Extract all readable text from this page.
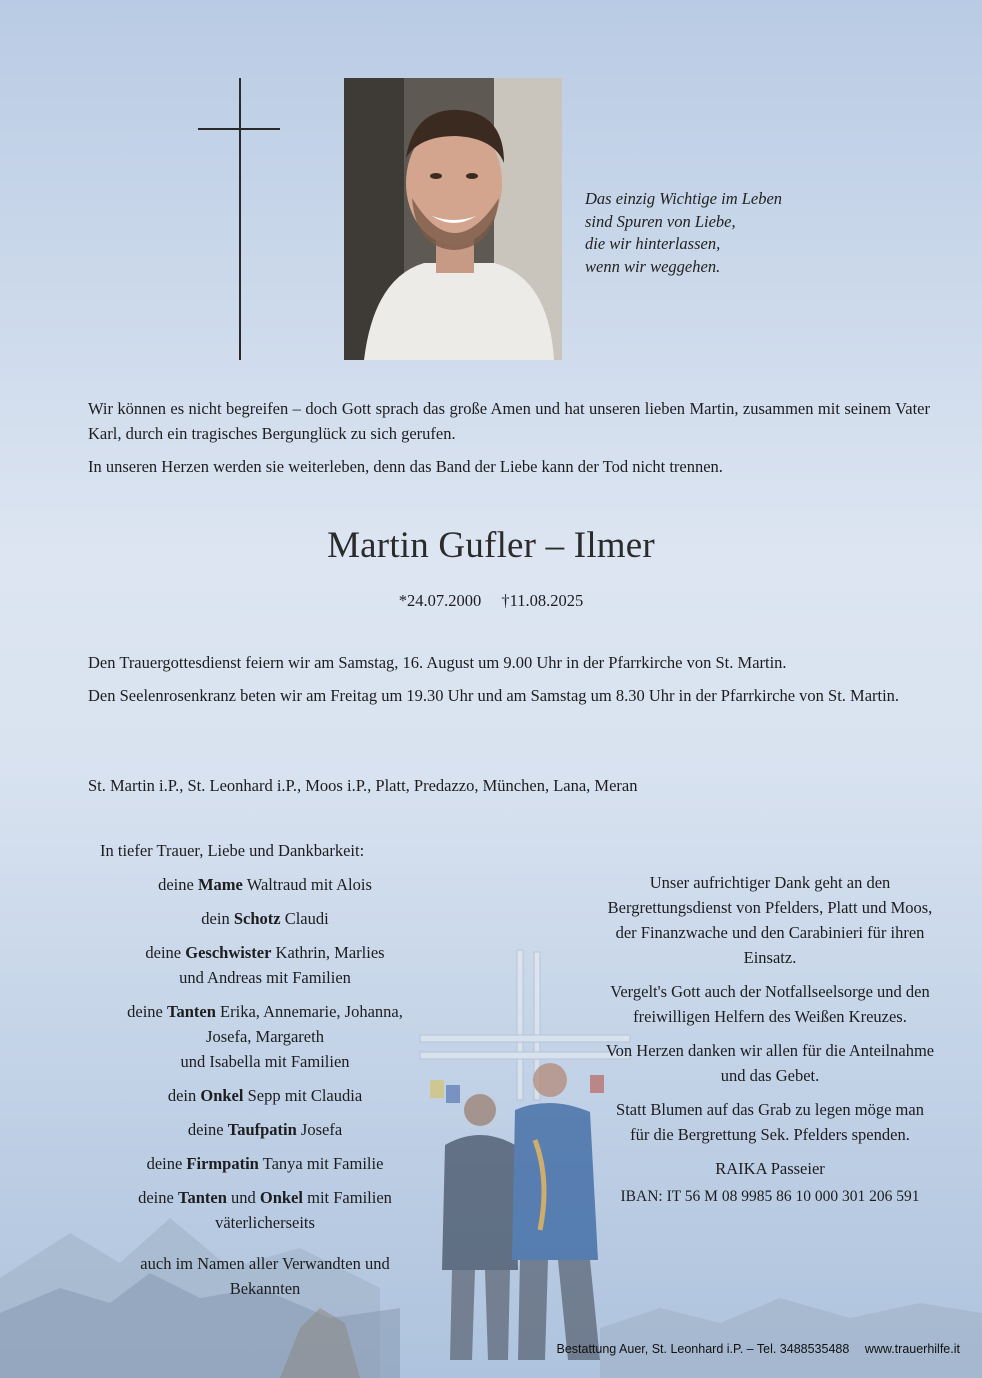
Das einzig Wichtige im Leben
sind Spuren von Liebe,
die wir hinterlassen,
wenn wir weggehen.

Wir können es nicht begreifen – doch Gott sprach das große Amen und hat unseren lieben Martin, zusammen mit seinem Vater Karl, durch ein tragisches Bergunglück zu sich gerufen.

In unseren Herzen werden sie weiterleben, denn das Band der Liebe kann der Tod nicht trennen.

Martin Gufler – Ilmer
*24.07.2000 †11.08.2025

Den Trauergottesdienst feiern wir am Samstag, 16. August um 9.00 Uhr in der Pfarrkirche von St. Martin.

Den Seelenrosenkranz beten wir am Freitag um 19.30 Uhr und am Samstag um 8.30 Uhr in der Pfarrkirche von St. Martin.

St. Martin i.P., St. Leonhard i.P., Moos i.P., Platt, Predazzo, München, Lana, Meran
In tiefer Trauer, Liebe und Dankbarkeit:
deine Mame Waltraud mit Alois
dein Schotz Claudi
deine Geschwister Kathrin, Marlies
und Andreas mit Familien
deine Tanten Erika, Annemarie, Johanna,
Josefa, Margareth
und Isabella mit Familien
dein Onkel Sepp mit Claudia
deine Taufpatin Josefa
deine Firmpatin Tanya mit Familie
deine Tanten und Onkel mit Familien
väterlicherseits
auch im Namen aller Verwandten und
Bekannten

Unser aufrichtiger Dank geht an den Bergrettungsdienst von Pfelders, Platt und Moos, der Finanzwache und den Carabinieri für ihren Einsatz.

Vergelt's Gott auch der Notfallseelsorge und den freiwilligen Helfern des Weißen Kreuzes.

Von Herzen danken wir allen für die Anteilnahme und das Gebet.

Statt Blumen auf das Grab zu legen möge man für die Bergrettung Sek. Pfelders spenden.

RAIKA Passeier

IBAN: IT 56 M 08 9985 86 10 000 301 206 591

Bestattung Auer, St. Leonhard i.P. – Tel. 3488535488 www.trauerhilfe.it
